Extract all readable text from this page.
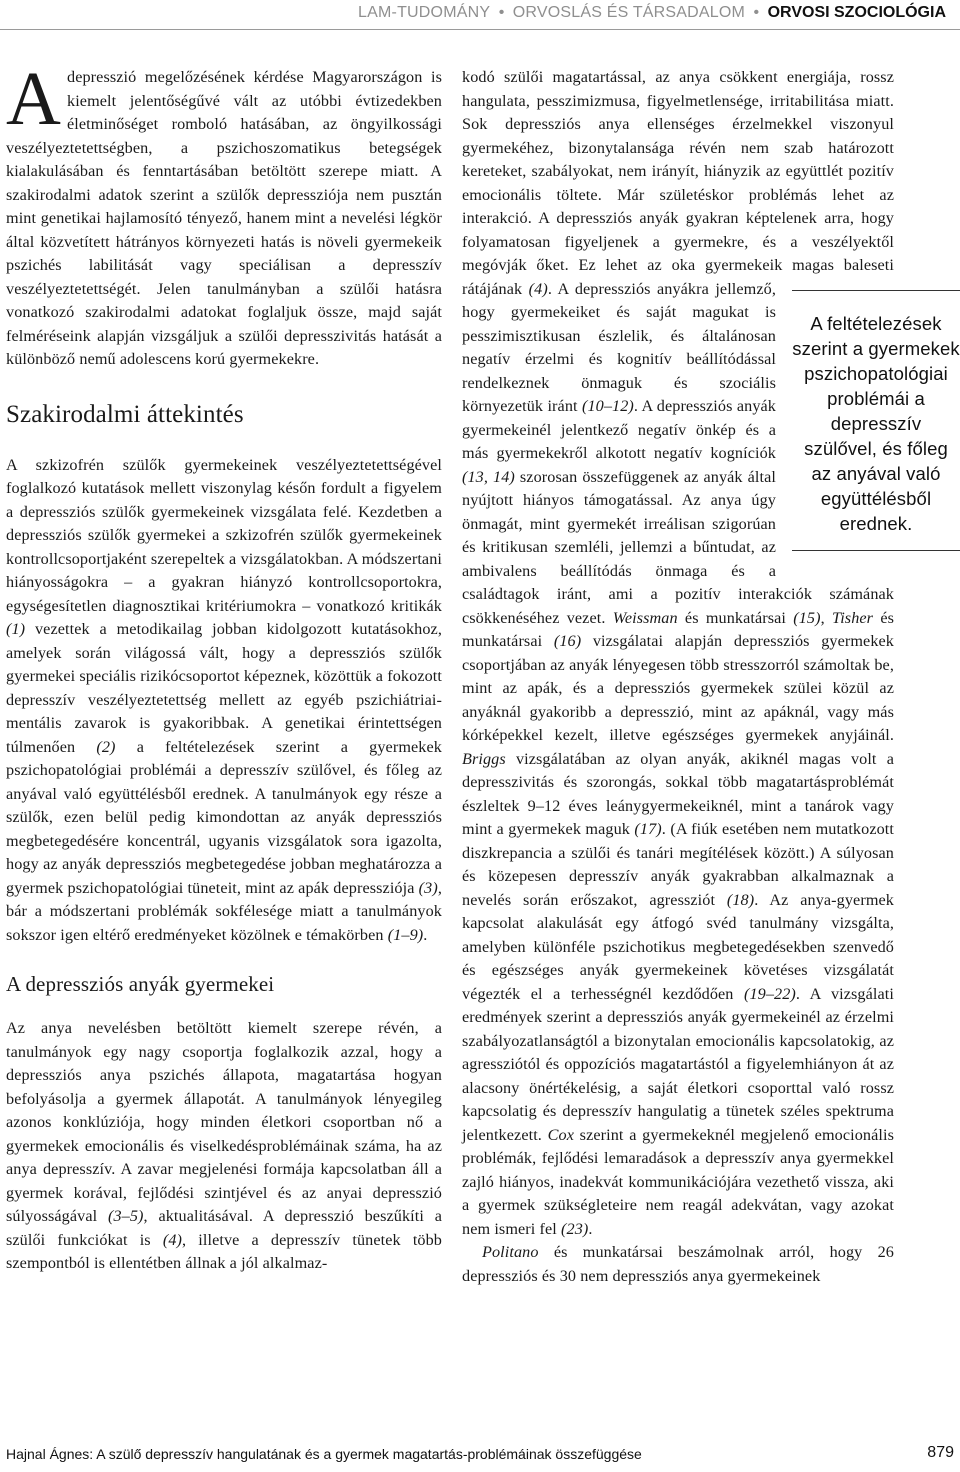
LAM-TUDOMÁNY • ORVOSLÁS ÉS TÁRSADALOM • ORVOSI SZOCIOLÓGIA

Adepresszió megelőzésének kérdése Magyarországon is kiemelt jelentőségűvé vált az utóbbi évtizedekben életminőséget romboló hatásában, az öngyilkossági veszélyeztetettségben, a pszichoszomatikus betegségek kialakulásában és fenntartásában betöltött szerepe miatt. A szakirodalmi adatok szerint a szülők depressziója nem pusztán mint genetikai hajlamosító tényező, hanem mint a nevelési légkör által közvetített hátrányos környezeti hatás is növeli gyermekeik pszichés labilitását vagy speciálisan a depresszív veszélyeztetettségét. Jelen tanulmányban a szülői hatásra vonatkozó szakirodalmi adatokat foglaljuk össze, majd saját felméréseink alapján vizsgáljuk a szülői depresszivitás hatását a különböző nemű adolescens korú gyermekekre.

Szakirodalmi áttekintés

A szkizofrén szülők gyermekeinek veszélyeztetettségével foglalkozó kutatások mellett viszonylag későn fordult a figyelem a depressziós szülők gyermekeinek vizsgálata felé. Kezdetben a depressziós szülők gyermekei a szkizofrén szülők gyermekeinek kontrollcsoportjaként szerepeltek a vizsgálatokban. A módszertani hiányosságokra – a gyakran hiányzó kontrollcsoportokra, egységesítetlen diagnosztikai kritériumokra – vonatkozó kritikák (1) vezettek a metodikailag jobban kidolgozott kutatásokhoz, amelyek során világossá vált, hogy a depressziós szülők gyermekei speciális rizikócsoportot képeznek, közöttük a fokozott depresszív veszélyeztetettség mellett az egyéb pszichiátriai-mentális zavarok is gyakoribbak. A genetikai érintettségen túlmenően (2) a feltételezések szerint a gyermekek pszichopatológiai problémái a depresszív szülővel, és főleg az anyával való együttélésből erednek. A tanulmányok egy része a szülők, ezen belül pedig kimondottan az anyák depressziós megbetegedésére koncentrál, ugyanis vizsgálatok sora igazolta, hogy az anyák depressziós megbetegedése jobban meghatározza a gyermek pszichopatológiai tüneteit, mint az apák depressziója (3), bár a módszertani problémák sokfélesége miatt a tanulmányok sokszor igen eltérő eredményeket közölnek e témakörben (1–9).

A depressziós anyák gyermekei

Az anya nevelésben betöltött kiemelt szerepe révén, a tanulmányok egy nagy csoportja foglalkozik azzal, hogy a depressziós anya pszichés állapota, magatartása hogyan befolyásolja a gyermek állapotát. A tanulmányok lényegileg azonos konklúziója, hogy minden életkori csoportban nő a gyermekek emocionális és viselkedésproblémáinak száma, ha az anya depresszív. A zavar megjelenési formája kapcsolatban áll a gyermek korával, fejlődési szintjével és az anyai depresszió súlyosságával (3–5), aktualitásával. A depresszió beszűkíti a szülői funkciókat is (4), illetve a depresszív tünetek több szempontból is ellentétben állnak a jól alkalmaz-

kodó szülői magatartással, az anya csökkent energiája, rossz hangulata, pesszimizmusa, figyelmetlensége, irritabilitása miatt. Sok depressziós anya ellenséges érzelmekkel viszonyul gyermekéhez, bizonytalansága révén nem szab határozott kereteket, szabályokat, nem irányít, hiányzik az együttlét pozitív emocionális töltete. Már születéskor problémás lehet az interakció. A depressziós anyák gyakran képtelenek arra, hogy folyamatosan figyeljenek a gyermekre, és a veszélyektől megóvják őket. Ez lehet az oka gyermekeik magas baleseti rátájának
A feltételezések szerint a gyermekek pszichopatológiai problémái a depresszív szülővel, és főleg az anyával való együttélésből erednek.
(4). A depressziós anyákra jellemző, hogy gyermekeiket és saját magukat is pesszimisztikusan észlelik, és általánosan negatív érzelmi és kognitív beállítódással rendelkeznek önmaguk és szociális környezetük iránt (10–12). A depressziós anyák gyermekeinél jelentkező negatív önkép és a más gyermekekről alkotott negatív kogníciók (13, 14) szorosan összefüggenek az anyák által nyújtott hiányos támogatással. Az anya úgy önmagát, mint gyermekét irreálisan szigorúan és kritikusan szemléli, jellemzi a bűntudat, az ambivalens beállítódás önmaga és a családtagok iránt, ami a pozitív interakciók számának csökkenéséhez vezet. Weissman és munkatársai (15), Tisher és munkatársai (16) vizsgálatai alapján depressziós gyermekek csoportjában az anyák lényegesen több stresszorról számoltak be, mint az apák, és a depressziós gyermekek szülei közül az anyáknál gyakoribb a depresszió, mint az apáknál, vagy más kórképekkel kezelt, illetve egészséges gyermekek anyjáinál. Briggs vizsgálatában az olyan anyák, akiknél magas volt a depresszivitás és szorongás, sokkal több magatartásproblémát észleltek 9–12 éves leánygyermekeiknél, mint a tanárok vagy mint a gyermekek maguk (17). (A fiúk esetében nem mutatkozott diszkrepancia a szülői és tanári megítélések között.) A súlyosan és közepesen depresszív anyák gyakrabban alkalmaznak a nevelés során erőszakot, agressziót (18). Az anya-gyermek kapcsolat alakulását egy átfogó svéd tanulmány vizsgálta, amelyben különféle pszichotikus megbetegedésekben szenvedő és egészséges anyák gyermekeinek követéses vizsgálatát végezték el a terhességnél kezdődően (19–22). A vizsgálati eredmények szerint a depressziós anyák gyermekeinél az érzelmi szabályozatlanságtól a bizonytalan emocionális kapcsolatokig, az agressziótól és oppozíciós magatartástól a figyelemhiányon át az alacsony önértékelésig, a saját életkori csoporttal való rossz kapcsolatig és depresszív hangulatig a tünetek széles spektruma jelentkezett. Cox szerint a gyermekeknél megjelenő emocionális problémák, fejlődési lemaradások a depresszív anya gyermekkel zajló hiányos, inadekvát kommunikációjára vezethető vissza, aki a gyermek szükségleteire nem reagál adekvátan, vagy azokat nem ismeri fel (23).

Politano és munkatársai beszámolnak arról, hogy 26 depressziós és 30 nem depressziós anya gyermekeinek

Hajnal Ágnes: A szülő depresszív hangulatának és a gyermek magatartás-problémáinak összefüggése	879
